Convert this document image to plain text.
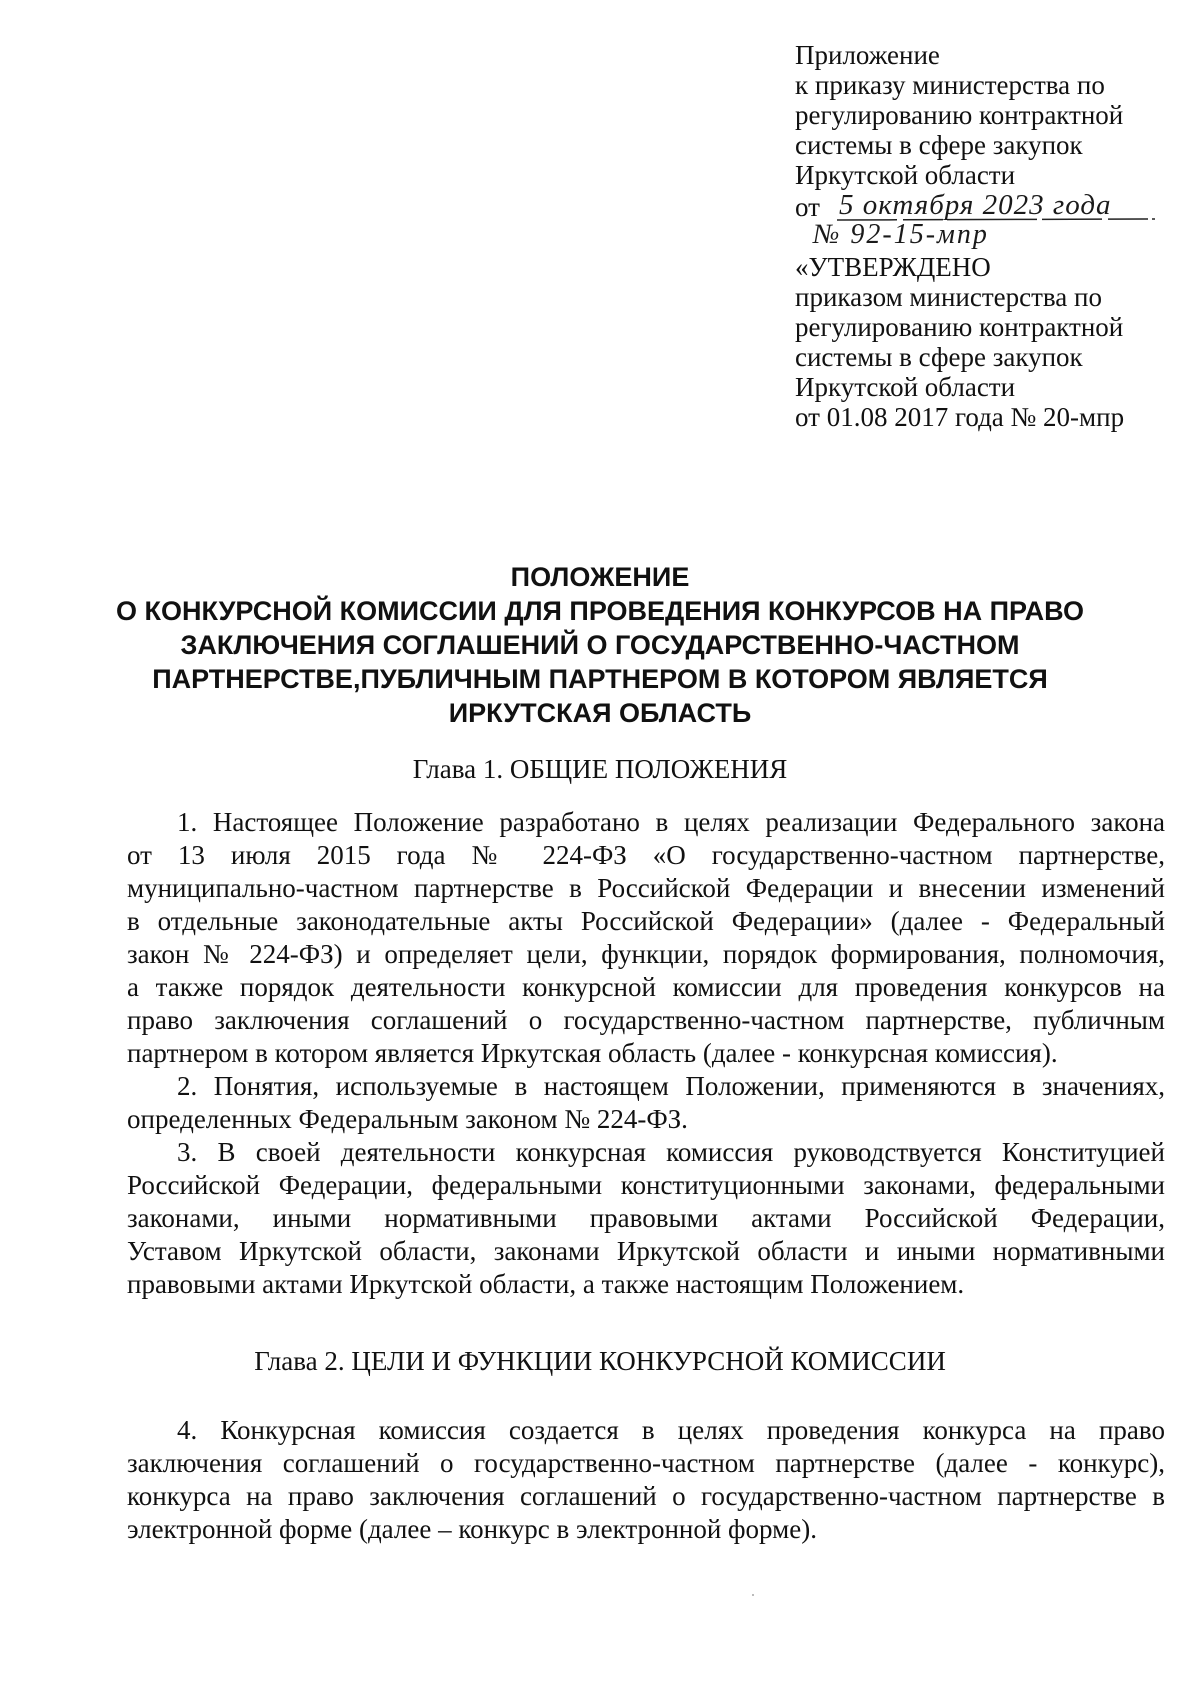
Приложение
к приказу министерства по
регулированию контрактной
системы в сфере закупок
Иркутской области
от 5 октября 2023 года
№ 92-15-мпр
«УТВЕРЖДЕНО
приказом министерства по
регулированию контрактной
системы в сфере закупок
Иркутской области
от 01.08 2017 года № 20-мпр
ПОЛОЖЕНИЕ
О КОНКУРСНОЙ КОМИССИИ ДЛЯ ПРОВЕДЕНИЯ КОНКУРСОВ НА ПРАВО
ЗАКЛЮЧЕНИЯ СОГЛАШЕНИЙ О ГОСУДАРСТВЕННО-ЧАСТНОМ
ПАРТНЕРСТВЕ,ПУБЛИЧНЫМ ПАРТНЕРОМ В КОТОРОМ ЯВЛЯЕТСЯ
ИРКУТСКАЯ ОБЛАСТЬ
Глава 1. ОБЩИЕ ПОЛОЖЕНИЯ
1. Настоящее Положение разработано в целях реализации Федерального закона
от 13 июля 2015 года № 224-ФЗ «О государственно-частном партнерстве,
муниципально-частном партнерстве в Российской Федерации и внесении изменений
в отдельные законодательные акты Российской Федерации» (далее - Федеральный
закон № 224-ФЗ) и определяет цели, функции, порядок формирования, полномочия,
а также порядок деятельности конкурсной комиссии для проведения конкурсов на
право заключения соглашений о государственно-частном партнерстве, публичным
партнером в котором является Иркутская область (далее - конкурсная комиссия).
2. Понятия, используемые в настоящем Положении, применяются в значениях,
определенных Федеральным законом № 224-ФЗ.
3. В своей деятельности конкурсная комиссия руководствуется Конституцией
Российской Федерации, федеральными конституционными законами, федеральными
законами, иными нормативными правовыми актами Российской Федерации,
Уставом Иркутской области, законами Иркутской области и иными нормативными
правовыми актами Иркутской области, а также настоящим Положением.
Глава 2. ЦЕЛИ И ФУНКЦИИ КОНКУРСНОЙ КОМИССИИ
4. Конкурсная комиссия создается в целях проведения конкурса на право
заключения соглашений о государственно-частном партнерстве (далее - конкурс),
конкурса на право заключения соглашений о государственно-частном партнерстве в
электронной форме (далее – конкурс в электронной форме).
